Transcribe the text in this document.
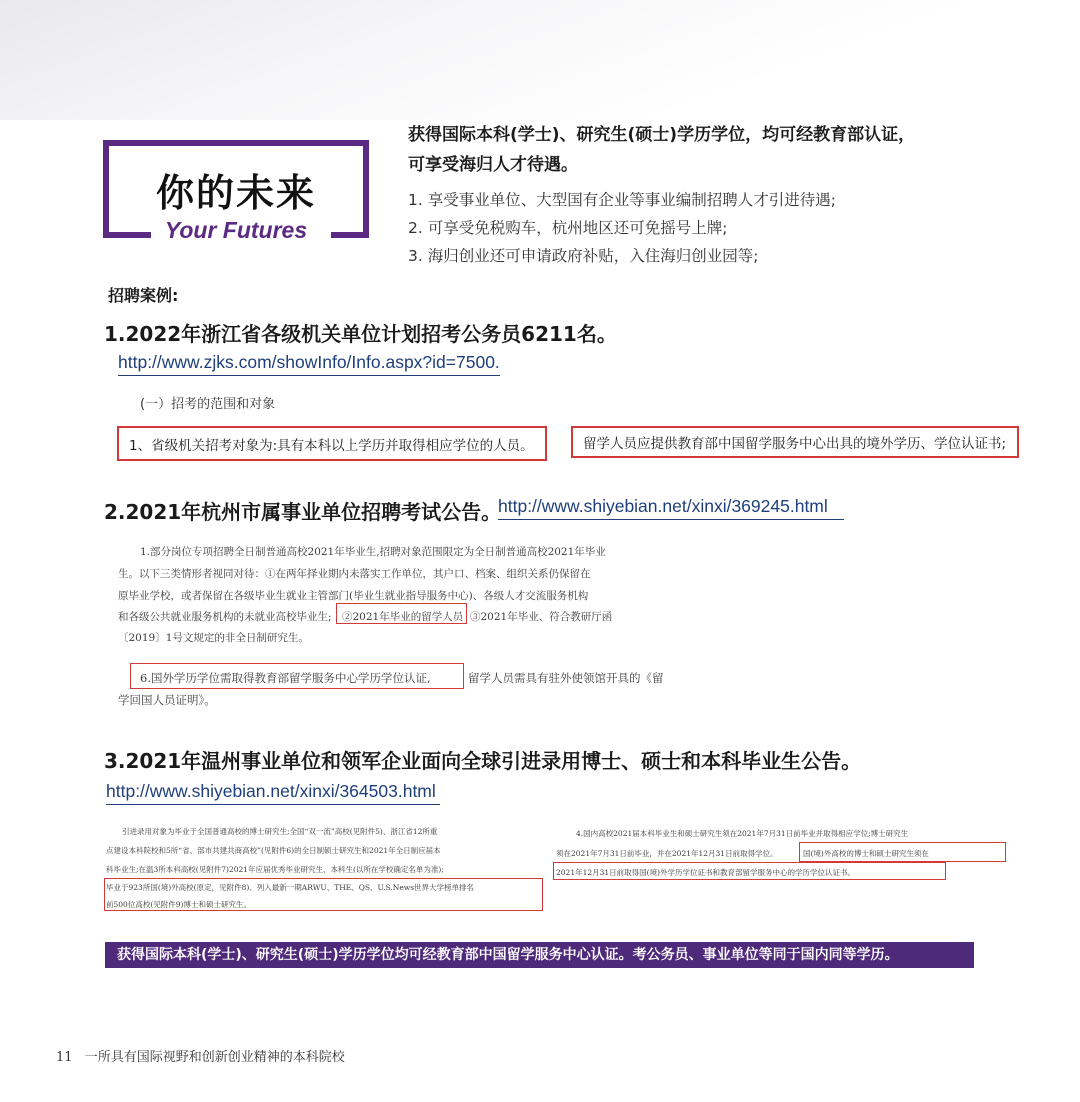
你的未来
Your Futures
获得国际本科(学士)、研究生(硕士)学历学位，均可经教育部认证，
可享受海归人才待遇。
1. 享受事业单位、大型国有企业等事业编制招聘人才引进待遇;
2. 可享受免税购车，杭州地区还可免摇号上牌;
3. 海归创业还可申请政府补贴，入住海归创业园等;
招聘案例:
1.2022年浙江省各级机关单位计划招考公务员6211名。
http://www.zjks.com/showInfo/Info.aspx?id=7500.
(一）招考的范围和对象
1、省级机关招考对象为:具有本科以上学历并取得相应学位的人员。	留学人员应提供教育部中国留学服务中心出具的境外学历、学位认证书;
2.2021年杭州市属事业单位招聘考试公告。
http://www.shiyebian.net/xinxi/369245.html
1.部分岗位专项招聘全日制普通高校2021年毕业生,招聘对象范围限定为全日制普通高校2021年毕业
生。以下三类情形者视同对待：①在两年择业期内未落实工作单位，其户口、档案、组织关系仍保留在
原毕业学校，或者保留在各级毕业生就业主管部门(毕业生就业指导服务中心)、各级人才交流服务机构
和各级公共就业服务机构的未就业高校毕业生; ②2021年毕业的留学人员 ③2021年毕业、符合教研厅函
〔2019〕1号文规定的非全日制研究生。
6.国外学历学位需取得教育部留学服务中心学历学位认证,	留学人员需具有驻外使领馆开具的《留
学回国人员证明》。
3.2021年温州事业单位和领军企业面向全球引进录用博士、硕士和本科毕业生公告。
http://www.shiyebian.net/xinxi/364503.html
引进录用对象为毕业于全国普通高校的博士研究生;全国“双一流”高校(见附件5)、浙江省12所重
点建设本科院校和5所“省、部市共建共商高校”(见附件6)的全日制硕士研究生和2021年全日制应届本
科毕业生;在温3所本科高校(见附件7)2021年应届优秀毕业研究生、本科生(以所在学校确定名单为准);
毕业于923所国(境)外高校(原定，见附件8)、列入最新一期ARWU、THE、QS、U.S.News世界大学榜单排名
前500位高校(见附件9)博士和硕士研究生。
4.国内高校2021届本科毕业生和硕士研究生须在2021年7月31日前毕业并取得相应学位;博士研究生
须在2021年7月31日前毕业，并在2021年12月31日前取得学位。	国(境)外高校的博士和硕士研究生须在
2021年12月31日前取得国(境)外学历学位证书和教育部留学服务中心的学历学位认证书。
获得国际本科(学士)、研究生(硕士)学历学位均可经教育部中国留学服务中心认证。考公务员、事业单位等同于国内同等学历。
11 一所具有国际视野和创新创业精神的本科院校
